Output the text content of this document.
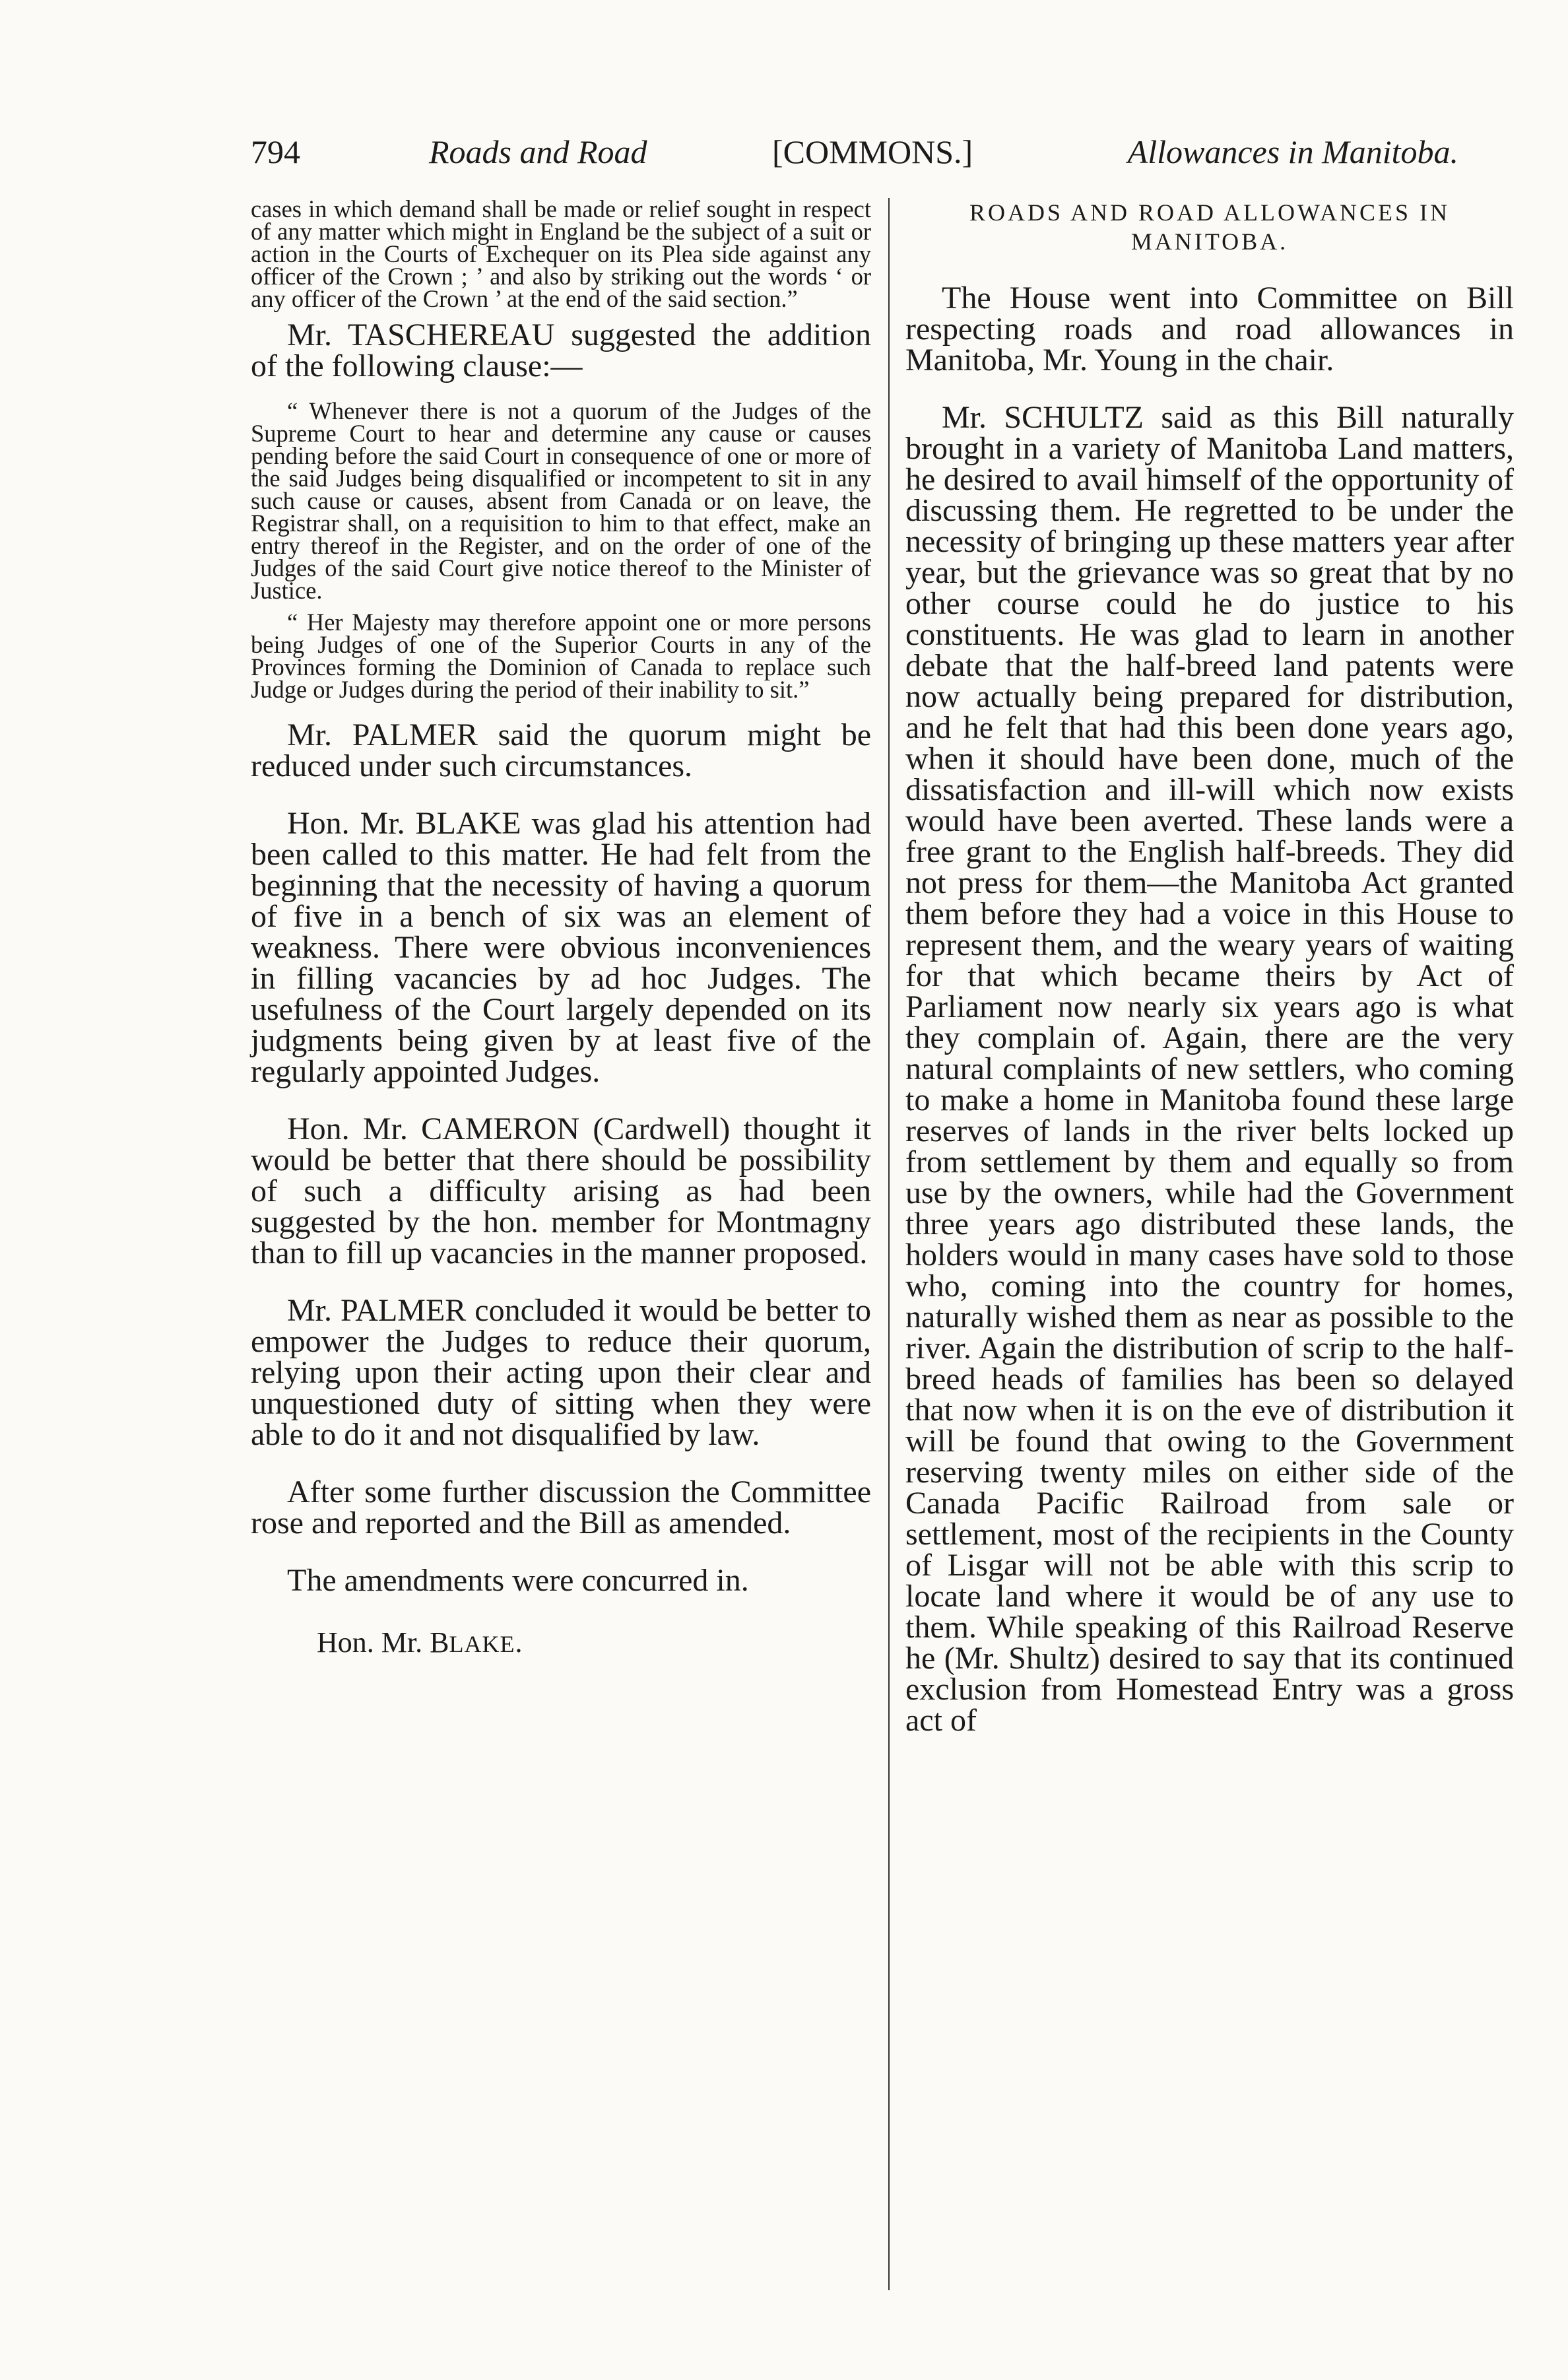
794	Roads and Road	[COMMONS.]	Allowances in Manitoba.

cases in which demand shall be made or relief sought in respect of any matter which might in England be the subject of a suit or action in the Courts of Exchequer on its Plea side against any officer of the Crown ; ’ and also by striking out the words ‘ or any officer of the Crown ’ at the end of the said section.”

Mr. TASCHEREAU suggested the addition of the following clause:—

“ Whenever there is not a quorum of the Judges of the Supreme Court to hear and determine any cause or causes pending before the said Court in consequence of one or more of the said Judges being disqualified or incompetent to sit in any such cause or causes, absent from Canada or on leave, the Registrar shall, on a requisition to him to that effect, make an entry thereof in the Register, and on the order of one of the Judges of the said Court give notice thereof to the Minister of Justice.

“ Her Majesty may therefore appoint one or more persons being Judges of one of the Superior Courts in any of the Provinces forming the Dominion of Canada to replace such Judge or Judges during the period of their inability to sit.”

Mr. PALMER said the quorum might be reduced under such circumstances.

Hon. Mr. BLAKE was glad his attention had been called to this matter. He had felt from the beginning that the necessity of having a quorum of five in a bench of six was an element of weakness. There were obvious inconveniences in filling vacancies by ad hoc Judges. The usefulness of the Court largely depended on its judgments being given by at least five of the regularly appointed Judges.

Hon. Mr. CAMERON (Cardwell) thought it would be better that there should be possibility of such a difficulty arising as had been suggested by the hon. member for Montmagny than to fill up vacancies in the manner proposed.

Mr. PALMER concluded it would be better to empower the Judges to reduce their quorum, relying upon their acting upon their clear and unquestioned duty of sitting when they were able to do it and not disqualified by law.

After some further discussion the Committee rose and reported and the Bill as amended.

The amendments were concurred in.

Hon. Mr. BLAKE.

ROADS AND ROAD ALLOWANCES IN MANITOBA.

The House went into Committee on Bill respecting roads and road allowances in Manitoba, Mr. Young in the chair.

Mr. SCHULTZ said as this Bill naturally brought in a variety of Manitoba Land matters, he desired to avail himself of the opportunity of discussing them. He regretted to be under the necessity of bringing up these matters year after year, but the grievance was so great that by no other course could he do justice to his constituents. He was glad to learn in another debate that the half-breed land patents were now actually being prepared for distribution, and he felt that had this been done years ago, when it should have been done, much of the dissatisfaction and ill-will which now exists would have been averted. These lands were a free grant to the English half-breeds. They did not press for them—the Manitoba Act granted them before they had a voice in this House to represent them, and the weary years of waiting for that which became theirs by Act of Parliament now nearly six years ago is what they complain of. Again, there are the very natural complaints of new settlers, who coming to make a home in Manitoba found these large reserves of lands in the river belts locked up from settlement by them and equally so from use by the owners, while had the Government three years ago distributed these lands, the holders would in many cases have sold to those who, coming into the country for homes, naturally wished them as near as possible to the river. Again the distribution of scrip to the half-breed heads of families has been so delayed that now when it is on the eve of distribution it will be found that owing to the Government reserving twenty miles on either side of the Canada Pacific Railroad from sale or settlement, most of the recipients in the County of Lisgar will not be able with this scrip to locate land where it would be of any use to them. While speaking of this Railroad Reserve he (Mr. Shultz) desired to say that its continued exclusion from Homestead Entry was a gross act of
